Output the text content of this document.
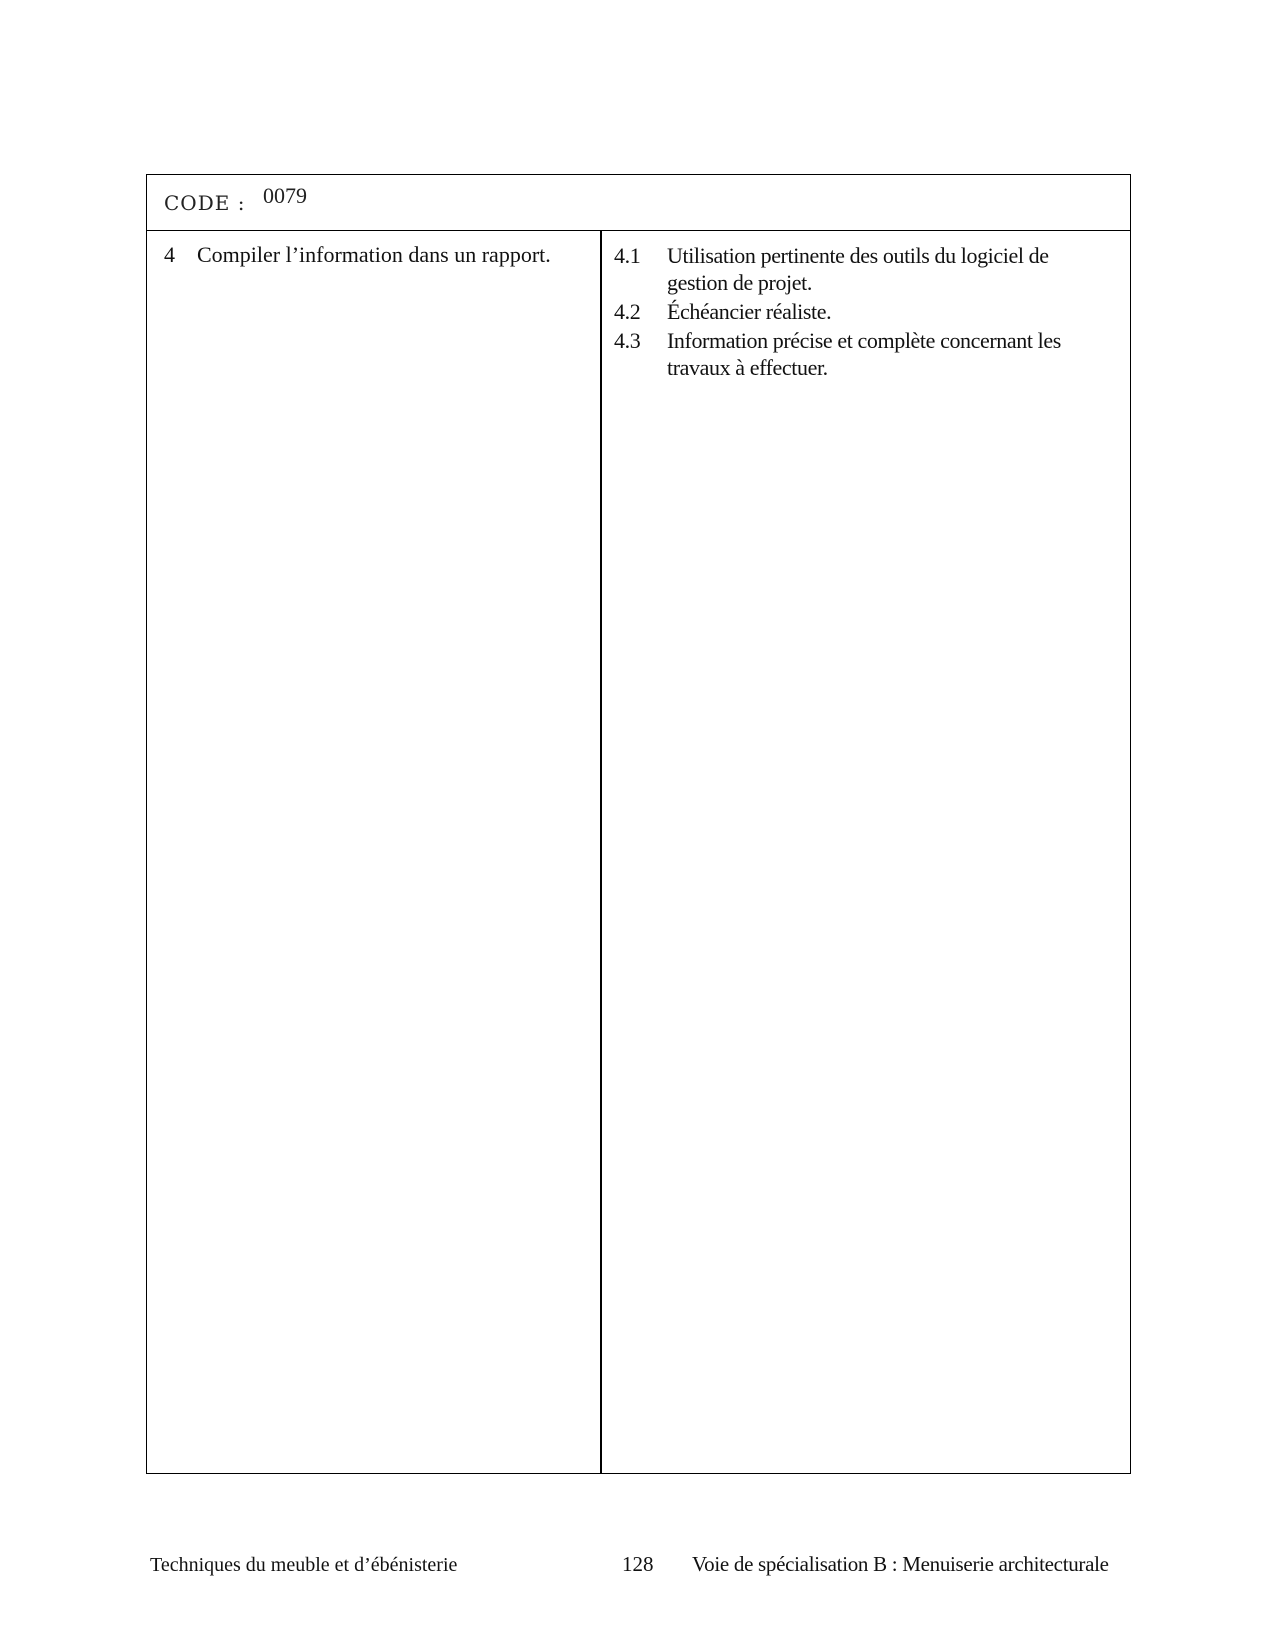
CODE : 0079
4 Compiler l’information dans un rapport.	4.1	Utilisation pertinente des outils du logiciel de gestion de projet.
4.2	Échéancier réaliste.
4.3	Information précise et complète concernant les travaux à effectuer.
Techniques du meuble et d’ébénisterie	128 Voie de spécialisation B : Menuiserie architecturale
